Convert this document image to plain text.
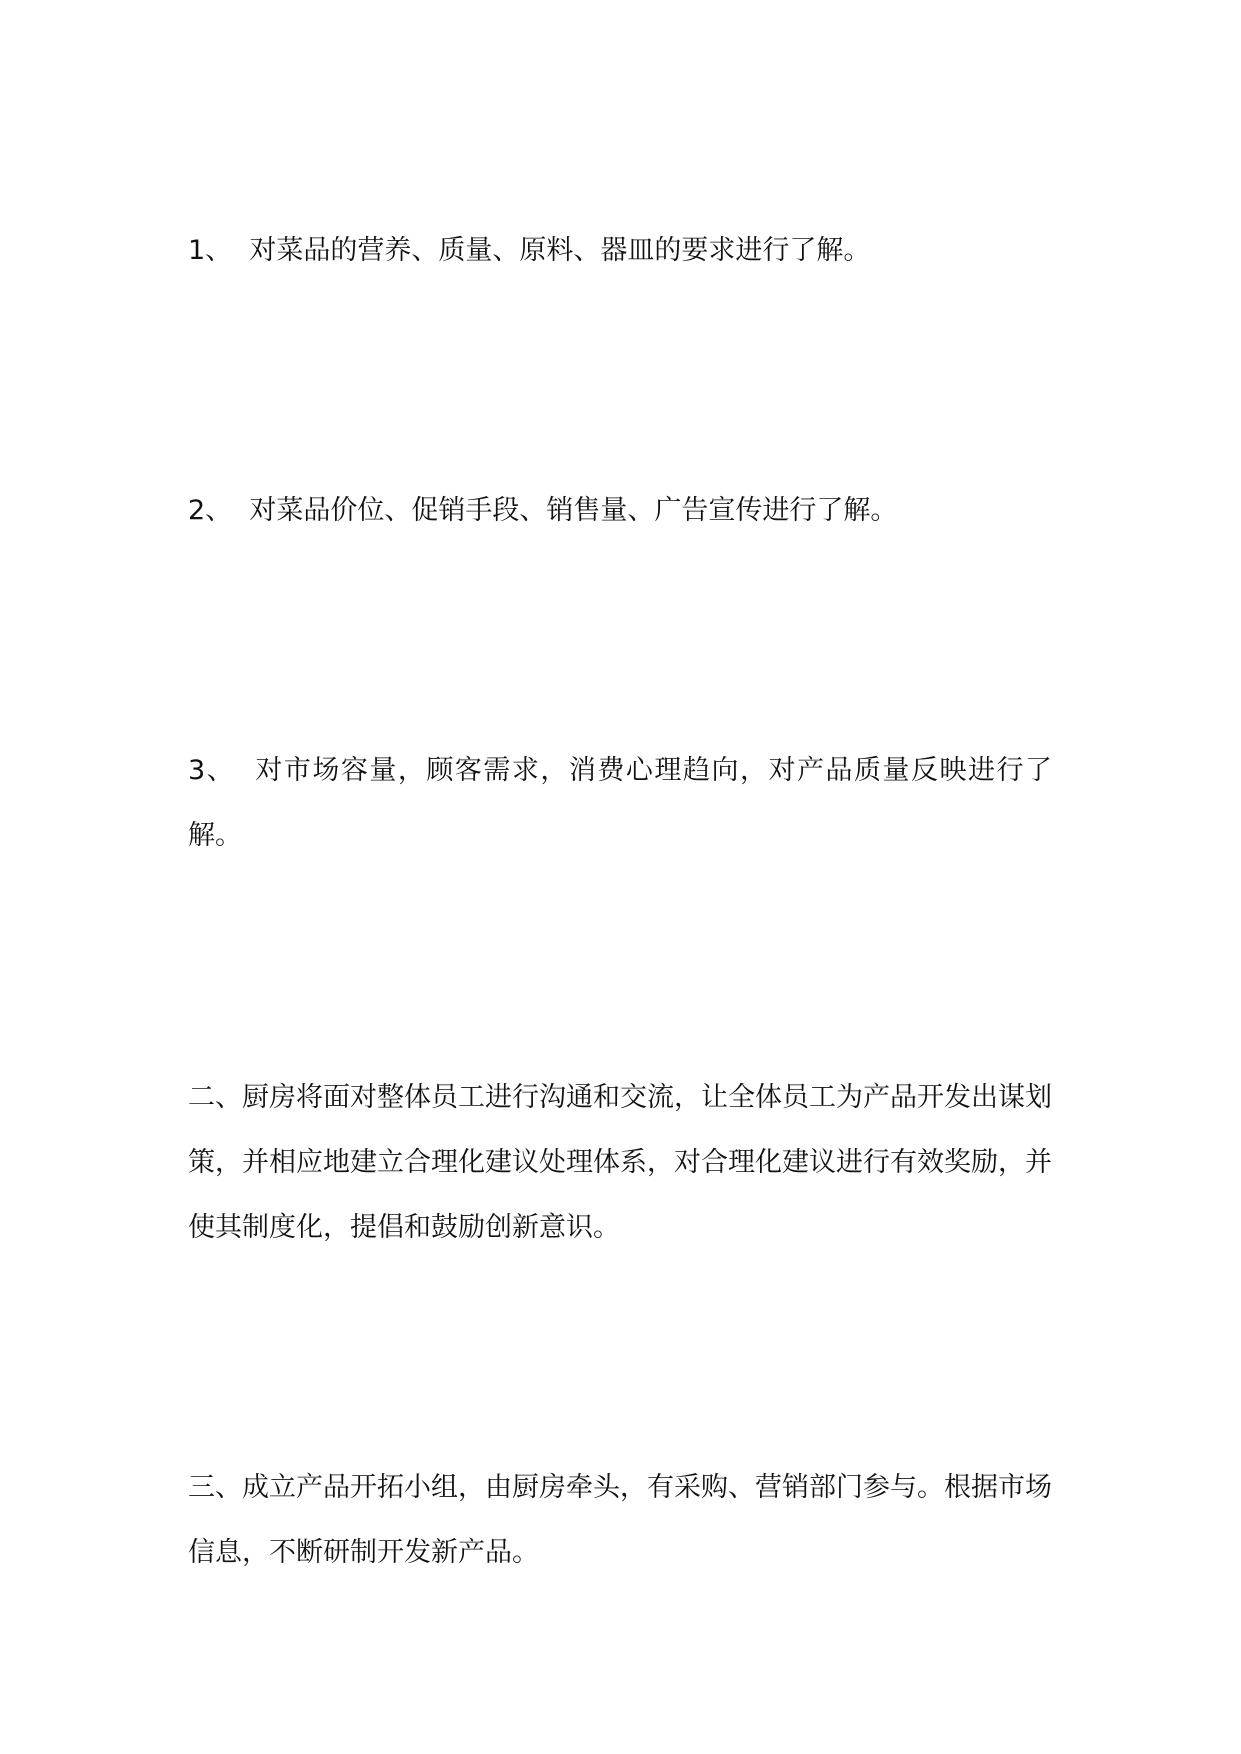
1、  对菜品的营养、质量、原料、器皿的要求进行了解。

2、  对菜品价位、促销手段、销售量、广告宣传进行了解。

3、  对市场容量，顾客需求，消费心理趋向，对产品质量反映进行了解。

二、厨房将面对整体员工进行沟通和交流，让全体员工为产品开发出谋划策，并相应地建立合理化建议处理体系，对合理化建议进行有效奖励，并使其制度化，提倡和鼓励创新意识。

三、成立产品开拓小组，由厨房牵头，有采购、营销部门参与。根据市场信息，不断研制开发新产品。
